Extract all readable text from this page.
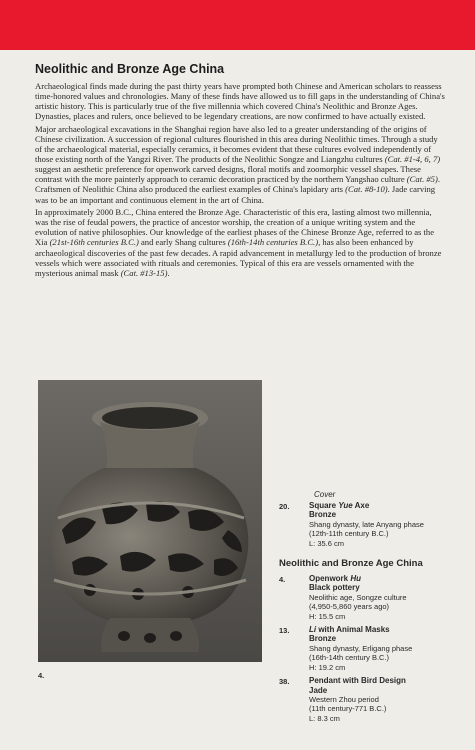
Neolithic and Bronze Age China

Archaeological finds made during the past thirty years have prompted both Chinese and American scholars to reassess time-honored values and chronologies. Many of these finds have allowed us to fill gaps in the understanding of China's artistic history. This is particularly true of the five millennia which covered China's Neolithic and Bronze Ages. Dynasties, places and rulers, once believed to be legendary creations, are now confirmed to have actually existed.

Major archaeological excavations in the Shanghai region have also led to a greater understanding of the origins of Chinese civilization. A succession of regional cultures flourished in this area during Neolithic times. Through a study of the archaeological material, especially ceramics, it becomes evident that these cultures evolved independently of those existing north of the Yangzi River. The products of the Neolithic Songze and Liangzhu cultures (Cat. #1-4, 6, 7) suggest an aesthetic preference for openwork carved designs, floral motifs and zoomorphic vessel shapes. These contrast with the more painterly approach to ceramic decoration practiced by the northern Yangshao culture (Cat. #5). Craftsmen of Neolithic China also produced the earliest examples of China's lapidary arts (Cat. #8-10). Jade carving was to be an important and continuous element in the art of China.

In approximately 2000 B.C., China entered the Bronze Age. Characteristic of this era, lasting almost two millennia, was the rise of feudal powers, the practice of ancestor worship, the creation of a unique writing system and the evolution of native philosophies. Our knowledge of the earliest phases of the Chinese Bronze Age, referred to as the Xia (21st-16th centuries B.C.) and early Shang cultures (16th-14th centuries B.C.), has also been enhanced by archaeological discoveries of the past few decades. A rapid advancement in metallurgy led to the production of bronze vessels which were associated with rituals and ceremonies. Typical of this era are vessels ornamented with the mysterious animal mask (Cat. #13-15).

4.
Cover
20.	Square Yue Axe
Bronze
Shang dynasty, late Anyang phase
(12th-11th century B.C.)
L: 35.6 cm
Neolithic and Bronze Age China
4.	Openwork Hu
Black pottery
Neolithic age, Songze culture
(4,950-5,860 years ago)
H: 15.5 cm
13.	Li with Animal Masks
Bronze
Shang dynasty, Erligang phase
(16th-14th century B.C.)
H: 19.2 cm
38.	Pendant with Bird Design
Jade
Western Zhou period
(11th century-771 B.C.)
L: 8.3 cm
